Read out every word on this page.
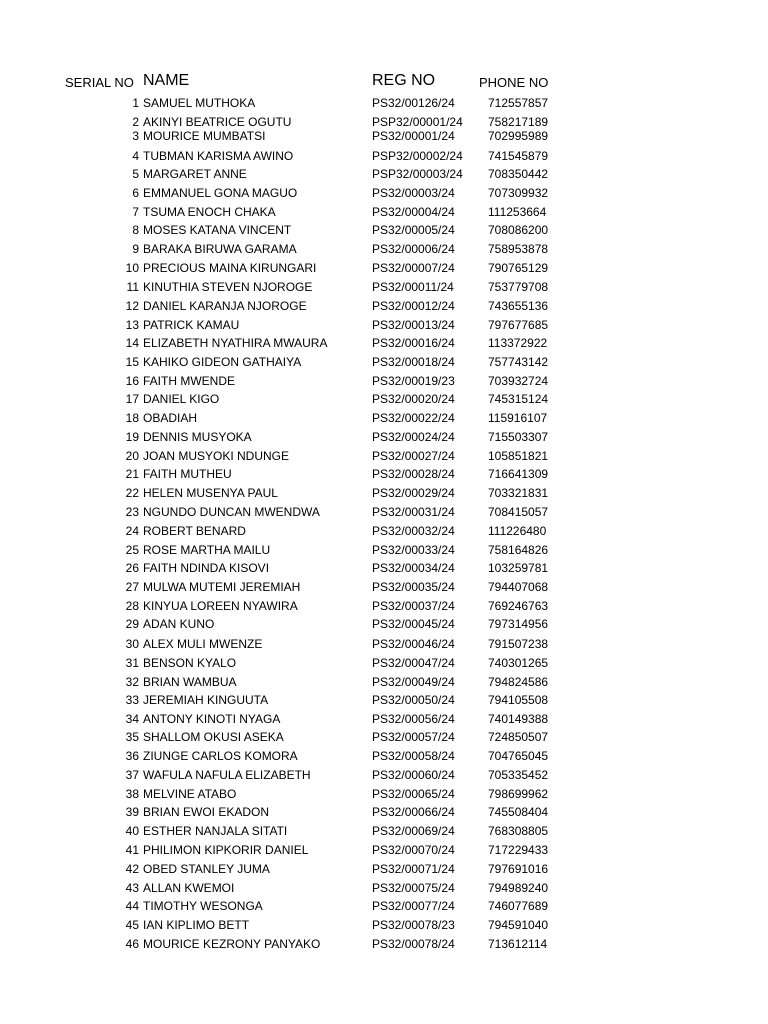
SERIAL NO NAME	REG NO	PHONE NO
1 SAMUEL MUTHOKA	PS32/00126/24	712557857
2 AKINYI BEATRICE OGUTU	PSP32/00001/24 758217189
3 MOURICE MUMBATSI	PS32/00001/24	702995989
4 TUBMAN KARISMA AWINO	PSP32/00002/24 741545879
5 MARGARET ANNE	PSP32/00003/24 708350442
6 EMMANUEL GONA MAGUO	PS32/00003/24	707309932
7 TSUMA ENOCH CHAKA	PS32/00004/24	111253664
8 MOSES KATANA VINCENT	PS32/00005/24	708086200
9 BARAKA BIRUWA GARAMA	PS32/00006/24	758953878
10 PRECIOUS MAINA KIRUNGARI	PS32/00007/24	790765129
11 KINUTHIA STEVEN NJOROGE	PS32/00011/24	753779708
12 DANIEL KARANJA NJOROGE	PS32/00012/24	743655136
13 PATRICK KAMAU	PS32/00013/24	797677685
14 ELIZABETH NYATHIRA MWAURA	PS32/00016/24	113372922
15 KAHIKO GIDEON GATHAIYA	PS32/00018/24	757743142
16 FAITH MWENDE	PS32/00019/23	703932724
17 DANIEL KIGO	PS32/00020/24	745315124
18 OBADIAH	PS32/00022/24	115916107
19 DENNIS MUSYOKA	PS32/00024/24	715503307
20 JOAN MUSYOKI NDUNGE	PS32/00027/24	105851821
21 FAITH MUTHEU	PS32/00028/24	716641309
22 HELEN MUSENYA PAUL	PS32/00029/24	703321831
23 NGUNDO DUNCAN MWENDWA	PS32/00031/24	708415057
24 ROBERT BENARD	PS32/00032/24	111226480
25 ROSE MARTHA MAILU	PS32/00033/24	758164826
26 FAITH NDINDA KISOVI	PS32/00034/24	103259781
27 MULWA MUTEMI JEREMIAH	PS32/00035/24	794407068
28 KINYUA LOREEN NYAWIRA	PS32/00037/24	769246763
29 ADAN KUNO	PS32/00045/24	797314956
30 ALEX MULI MWENZE	PS32/00046/24	791507238
31 BENSON KYALO	PS32/00047/24	740301265
32 BRIAN WAMBUA	PS32/00049/24	794824586
33 JEREMIAH KINGUUTA	PS32/00050/24	794105508
34 ANTONY KINOTI NYAGA	PS32/00056/24	740149388
35 SHALLOM OKUSI ASEKA	PS32/00057/24	724850507
36 ZIUNGE CARLOS KOMORA	PS32/00058/24	704765045
37 WAFULA NAFULA ELIZABETH	PS32/00060/24	705335452
38 MELVINE ATABO	PS32/00065/24	798699962
39 BRIAN EWOI EKADON	PS32/00066/24	745508404
40 ESTHER NANJALA SITATI	PS32/00069/24	768308805
41 PHILIMON KIPKORIR DANIEL	PS32/00070/24	717229433
42 OBED STANLEY JUMA	PS32/00071/24	797691016
43 ALLAN KWEMOI	PS32/00075/24	794989240
44 TIMOTHY WESONGA	PS32/00077/24	746077689
45 IAN KIPLIMO BETT	PS32/00078/23	794591040
46 MOURICE KEZRONY PANYAKO	PS32/00078/24	713612114
